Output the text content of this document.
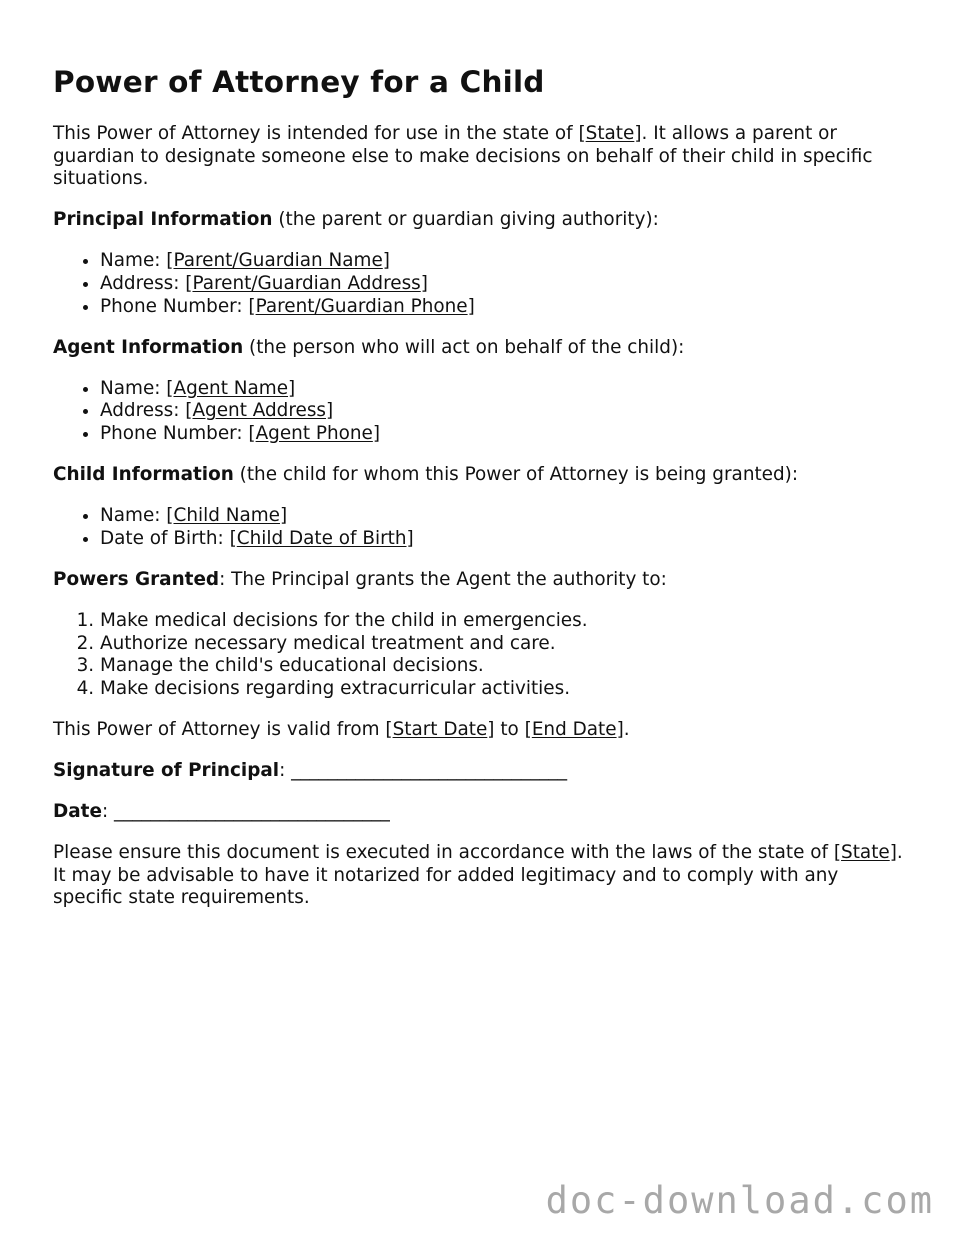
Power of Attorney for a Child

This Power of Attorney is intended for use in the state of [State]. It allows a parent or guardian to designate someone else to make decisions on behalf of their child in specific situations.

Principal Information (the parent or guardian giving authority):

• Name: [Parent/Guardian Name]
• Address: [Parent/Guardian Address]
• Phone Number: [Parent/Guardian Phone]

Agent Information (the person who will act on behalf of the child):

• Name: [Agent Name]
• Address: [Agent Address]
• Phone Number: [Agent Phone]

Child Information (the child for whom this Power of Attorney is being granted):

• Name: [Child Name]
• Date of Birth: [Child Date of Birth]

Powers Granted: The Principal grants the Agent the authority to:

1. Make medical decisions for the child in emergencies.
2. Authorize necessary medical treatment and care.
3. Manage the child's educational decisions.
4. Make decisions regarding extracurricular activities.

This Power of Attorney is valid from [Start Date] to [End Date].

Signature of Principal: ______________________________

Date: ______________________________

Please ensure this document is executed in accordance with the laws of the state of [State]. It may be advisable to have it notarized for added legitimacy and to comply with any specific state requirements.

doc-download.com
